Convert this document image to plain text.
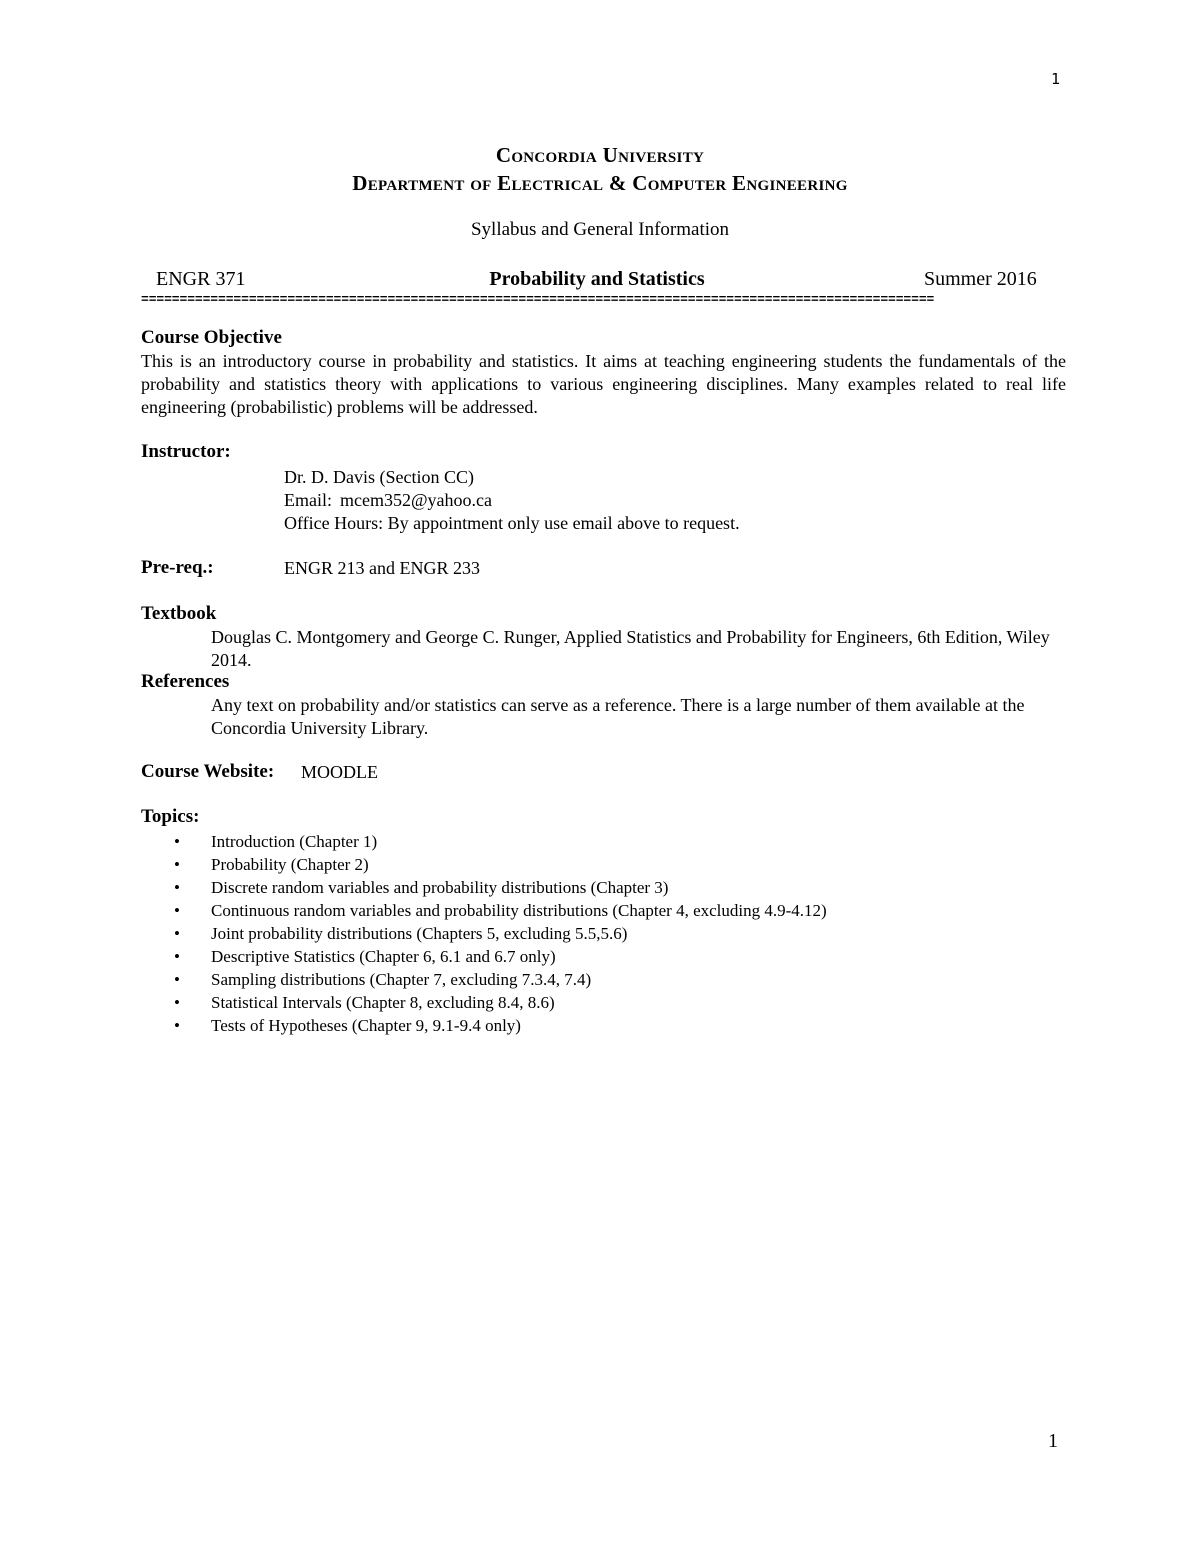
1
Concordia University
Department of Electrical & Computer Engineering
Syllabus and General Information
ENGR 371	Probability and Statistics	Summer 2016
=======================================================================================================
Course Objective
This is an introductory course in probability and statistics. It aims at teaching engineering students the fundamentals of the probability and statistics theory with applications to various engineering disciplines. Many examples related to real life engineering (probabilistic) problems will be addressed.
Instructor:
Dr. D. Davis (Section CC)
Email: mcem352@yahoo.ca
Office Hours: By appointment only use email above to request.
Pre-req.:	ENGR 213 and ENGR 233
Textbook
Douglas C. Montgomery and George C. Runger, Applied Statistics and Probability for Engineers, 6th Edition, Wiley 2014.
References
Any text on probability and/or statistics can serve as a reference. There is a large number of them available at the Concordia University Library.
Course Website: MOODLE
Topics:
• Introduction (Chapter 1)
• Probability (Chapter 2)
• Discrete random variables and probability distributions (Chapter 3)
• Continuous random variables and probability distributions (Chapter 4, excluding 4.9-4.12)
• Joint probability distributions (Chapters 5, excluding 5.5,5.6)
• Descriptive Statistics (Chapter 6, 6.1 and 6.7 only)
• Sampling distributions (Chapter 7, excluding 7.3.4, 7.4)
• Statistical Intervals (Chapter 8, excluding 8.4, 8.6)
• Tests of Hypotheses (Chapter 9, 9.1-9.4 only)
1
